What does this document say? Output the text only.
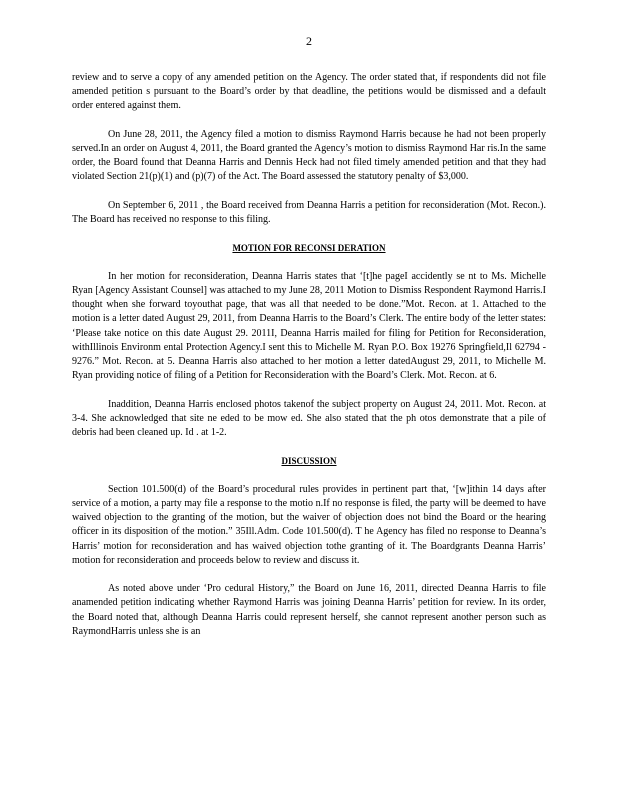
2

review and to serve a copy of any amended petition on the Agency. The order stated that, if respondents did not file amended petition s pursuant to the Board’s order by that deadline, the petitions would be dismissed and a default order entered against them.

On June 28, 2011, the Agency filed a motion to dismiss Raymond Harris because he had not been properly served.In an order on August 4, 2011, the Board granted the Agency’s motion to dismiss Raymond Har ris.In the same order, the Board found that Deanna Harris and Dennis Heck had not filed timely amended petition and that they had violated Section 21(p)(1) and (p)(7) of the Act. The Board assessed the statutory penalty of $3,000.

On September 6, 2011 , the Board received from Deanna Harris a petition for reconsideration (Mot. Recon.). The Board has received no response to this filing.

MOTION FOR RECONSI DERATION

In her motion for reconsideration, Deanna Harris states that ‘[t]he pageI accidently se nt to Ms. Michelle Ryan [Agency Assistant Counsel] was attached to my June 28, 2011 Motion to Dismiss Respondent Raymond Harris.I thought when she forward toyouthat page, that was all that needed to be done.”Mot. Recon. at 1. Attached to the motion is a letter dated August 29, 2011, from Deanna Harris to the Board’s Clerk. The entire body of the letter states: ‘Please take notice on this date August 29. 2011I, Deanna Harris mailed for filing for Petition for Reconsideration, withIllinois Environm ental Protection Agency.I sent this to Michelle M. Ryan P.O. Box 19276 Springfield,Il 62794 - 9276.” Mot. Recon. at 5. Deanna Harris also attached to her motion a letter datedAugust 29, 2011, to Michelle M. Ryan providing notice of filing of a Petition for Reconsideration with the Board’s Clerk. Mot. Recon. at 6.

Inaddition, Deanna Harris enclosed photos takenof the subject property on August 24, 2011. Mot. Recon. at 3-4. She acknowledged that site ne eded to be mow ed. She also stated that the ph otos demonstrate that a pile of debris had been cleaned up. Id . at 1-2.

DISCUSSION

Section 101.500(d) of the Board’s procedural rules provides in pertinent part that, ‘[w]ithin 14 days after service of a motion, a party may file a response to the motio n.If no response is filed, the party will be deemed to have waived objection to the granting of the motion, but the waiver of objection does not bind the Board or the hearing officer in its disposition of the motion.” 35Ill.Adm. Code 101.500(d). T he Agency has filed no response to Deanna’s Harris’ motion for reconsideration and has waived objection tothe granting of it. The Boardgrants Deanna Harris’ motion for reconsideration and proceeds below to review and discuss it.

As noted above under ‘Pro cedural History,” the Board on June 16, 2011, directed Deanna Harris to file anamended petition indicating whether Raymond Harris was joining Deanna Harris’ petition for review. In its order, the Board noted that, although Deanna Harris could represent herself, she cannot represent another person such as RaymondHarris unless she is an
